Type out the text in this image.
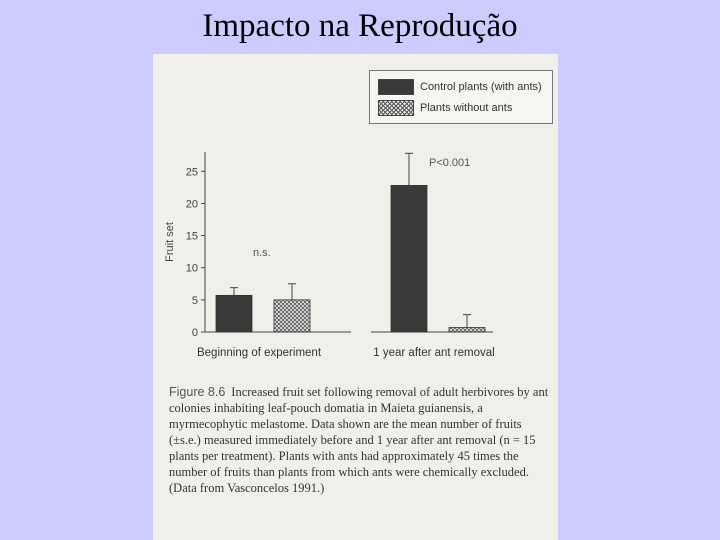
Impacto na Reprodução
Control plants (with ants)
Plants without ants
0
5
10
15
20
25
Fruit set
Beginning of experiment	1 year after ant removal
n.s.
P<0.001
Figure 8.6 Increased fruit set following removal of adult herbivores by ant colonies inhabiting leaf-pouch domatia in Maieta guianensis, a myrmecophytic melastome. Data shown are the mean number of fruits (±s.e.) measured immediately before and 1 year after ant removal (n = 15 plants per treatment). Plants with ants had approximately 45 times the number of fruits than plants from which ants were chemically excluded. (Data from Vasconcelos 1991.)
